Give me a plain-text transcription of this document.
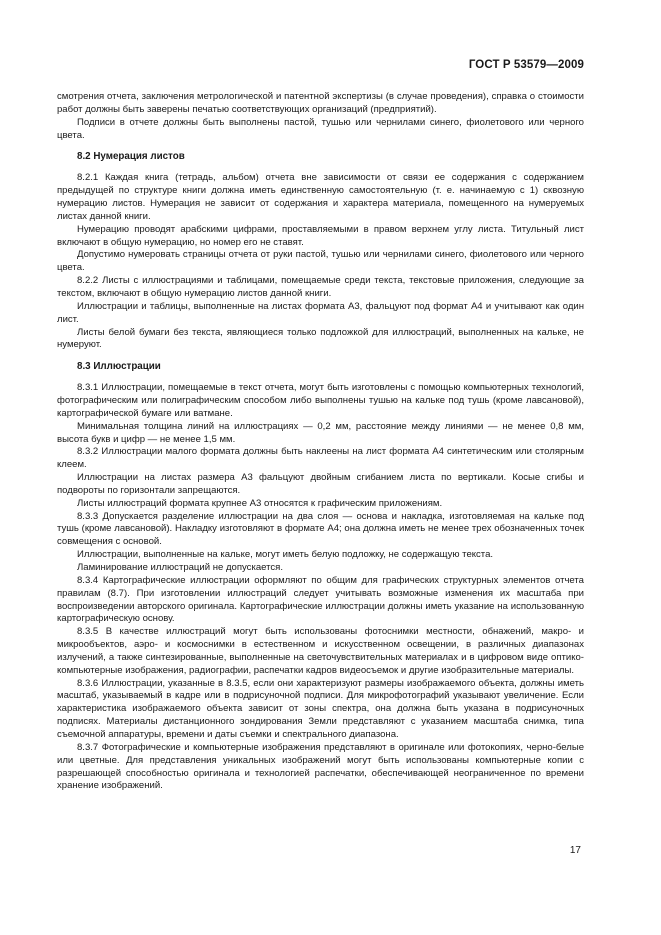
ГОСТ Р 53579—2009

смотрения отчета, заключения метрологической и патентной экспертизы (в случае проведения), справка о стоимости работ должны быть заверены печатью соответствующих организаций (предприятий).

Подписи в отчете должны быть выполнены пастой, тушью или чернилами синего, фиолетового или черного цвета.

8.2 Нумерация листов

8.2.1 Каждая книга (тетрадь, альбом) отчета вне зависимости от связи ее содержания с содержанием предыдущей по структуре книги должна иметь единственную самостоятельную (т. е. начинаемую с 1) сквозную нумерацию листов. Нумерация не зависит от содержания и характера материала, помещенного на нумеруемых листах данной книги.

Нумерацию проводят арабскими цифрами, проставляемыми в правом верхнем углу листа. Титульный лист включают в общую нумерацию, но номер его не ставят.

Допустимо нумеровать страницы отчета от руки пастой, тушью или чернилами синего, фиолетового или черного цвета.

8.2.2 Листы с иллюстрациями и таблицами, помещаемые среди текста, текстовые приложения, следующие за текстом, включают в общую нумерацию листов данной книги.

Иллюстрации и таблицы, выполненные на листах формата А3, фальцуют под формат А4 и учитывают как один лист.

Листы белой бумаги без текста, являющиеся только подложкой для иллюстраций, выполненных на кальке, не нумеруют.

8.3 Иллюстрации

8.3.1 Иллюстрации, помещаемые в текст отчета, могут быть изготовлены с помощью компьютерных технологий, фотографическим или полиграфическим способом либо выполнены тушью на кальке под тушь (кроме лавсановой), картографической бумаге или ватмане.

Минимальная толщина линий на иллюстрациях — 0,2 мм, расстояние между линиями — не менее 0,8 мм, высота букв и цифр — не менее 1,5 мм.

8.3.2 Иллюстрации малого формата должны быть наклеены на лист формата А4 синтетическим или столярным клеем.

Иллюстрации на листах размера А3 фальцуют двойным сгибанием листа по вертикали. Косые сгибы и подвороты по горизонтали запрещаются.

Листы иллюстраций формата крупнее А3 относятся к графическим приложениям.

8.3.3 Допускается разделение иллюстрации на два слоя — основа и накладка, изготовляемая на кальке под тушь (кроме лавсановой). Накладку изготовляют в формате А4; она должна иметь не менее трех обозначенных точек совмещения с основой.

Иллюстрации, выполненные на кальке, могут иметь белую подложку, не содержащую текста.

Ламинирование иллюстраций не допускается.

8.3.4 Картографические иллюстрации оформляют по общим для графических структурных элементов отчета правилам (8.7). При изготовлении иллюстраций следует учитывать возможные изменения их масштаба при воспроизведении авторского оригинала. Картографические иллюстрации должны иметь указание на использованную картографическую основу.

8.3.5 В качестве иллюстраций могут быть использованы фотоснимки местности, обнажений, макро- и микрообъектов, аэро- и космоснимки в естественном и искусственном освещении, в различных диапазонах излучений, а также синтезированные, выполненные на светочувствительных материалах и в цифровом виде оптико-компьютерные изображения, радиографии, распечатки кадров видеосъемок и другие изобразительные материалы.

8.3.6 Иллюстрации, указанные в 8.3.5, если они характеризуют размеры изображаемого объекта, должны иметь масштаб, указываемый в кадре или в подрисуночной подписи. Для микрофотографий указывают увеличение. Если характеристика изображаемого объекта зависит от зоны спектра, она должна быть указана в подрисуночных подписях. Материалы дистанционного зондирования Земли представляют с указанием масштаба снимка, типа съемочной аппаратуры, времени и даты съемки и спектрального диапазона.

8.3.7 Фотографические и компьютерные изображения представляют в оригинале или фотокопиях, черно-белые или цветные. Для представления уникальных изображений могут быть использованы компьютерные копии с разрешающей способностью оригинала и технологией распечатки, обеспечивающей неограниченное по времени хранение изображений.

17
